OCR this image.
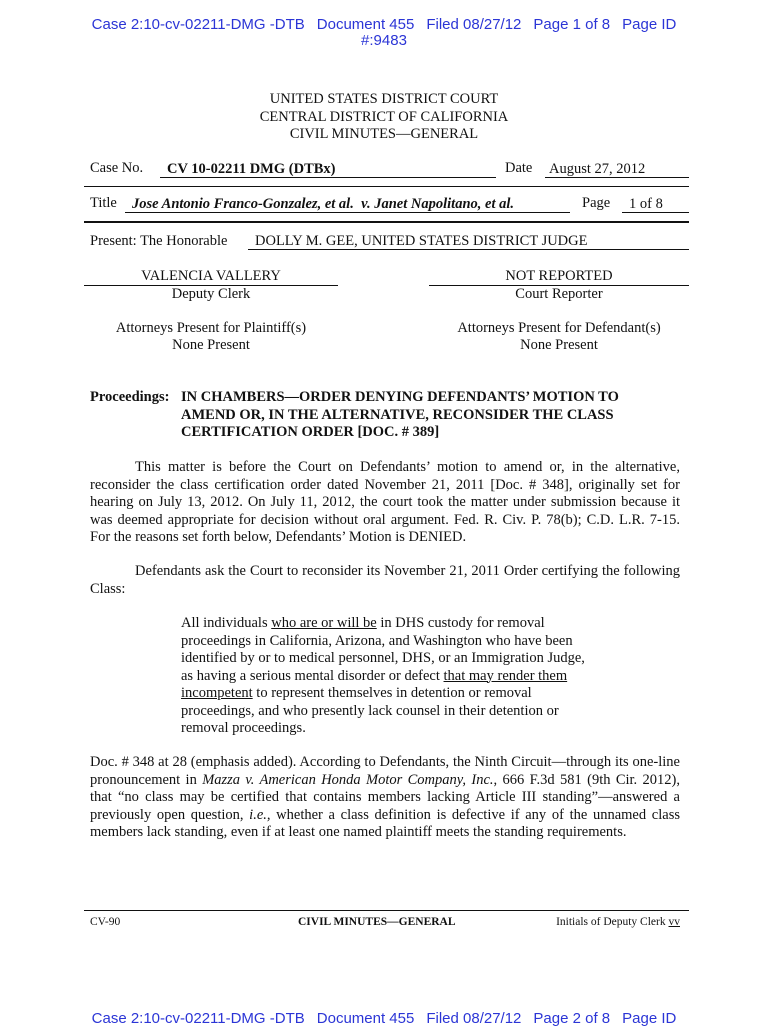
Case 2:10-cv-02211-DMG -DTB Document 455 Filed 08/27/12 Page 1 of 8 Page ID
#:9483
UNITED STATES DISTRICT COURT
CENTRAL DISTRICT OF CALIFORNIA
CIVIL MINUTES—GENERAL
Case No. CV 10-02211 DMG (DTBx)	Date August 27, 2012
Title Jose Antonio Franco-Gonzalez, et al. v. Janet Napolitano, et al.	Page 1 of 8
Present: The Honorable DOLLY M. GEE, UNITED STATES DISTRICT JUDGE
VALENCIA VALLERY
Deputy Clerk
NOT REPORTED
Court Reporter
Attorneys Present for Plaintiff(s)
None Present
Attorneys Present for Defendant(s)
None Present
Proceedings: IN CHAMBERS—ORDER DENYING DEFENDANTS’ MOTION TO AMEND OR, IN THE ALTERNATIVE, RECONSIDER THE CLASS CERTIFICATION ORDER [DOC. # 389]
This matter is before the Court on Defendants’ motion to amend or, in the alternative, reconsider the class certification order dated November 21, 2011 [Doc. # 348], originally set for hearing on July 13, 2012. On July 11, 2012, the court took the matter under submission because it was deemed appropriate for decision without oral argument. Fed. R. Civ. P. 78(b); C.D. L.R. 7-15. For the reasons set forth below, Defendants’ Motion is DENIED.
Defendants ask the Court to reconsider its November 21, 2011 Order certifying the following Class:
All individuals who are or will be in DHS custody for removal proceedings in California, Arizona, and Washington who have been identified by or to medical personnel, DHS, or an Immigration Judge, as having a serious mental disorder or defect that may render them incompetent to represent themselves in detention or removal proceedings, and who presently lack counsel in their detention or removal proceedings.
Doc. # 348 at 28 (emphasis added). According to Defendants, the Ninth Circuit—through its one-line pronouncement in Mazza v. American Honda Motor Company, Inc., 666 F.3d 581 (9th Cir. 2012), that “no class may be certified that contains members lacking Article III standing”—answered a previously open question, i.e., whether a class definition is defective if any of the unnamed class members lack standing, even if at least one named plaintiff meets the standing requirements.
CV-90	CIVIL MINUTES—GENERAL	Initials of Deputy Clerk vv
Case 2:10-cv-02211-DMG -DTB Document 455 Filed 08/27/12 Page 2 of 8 Page ID
